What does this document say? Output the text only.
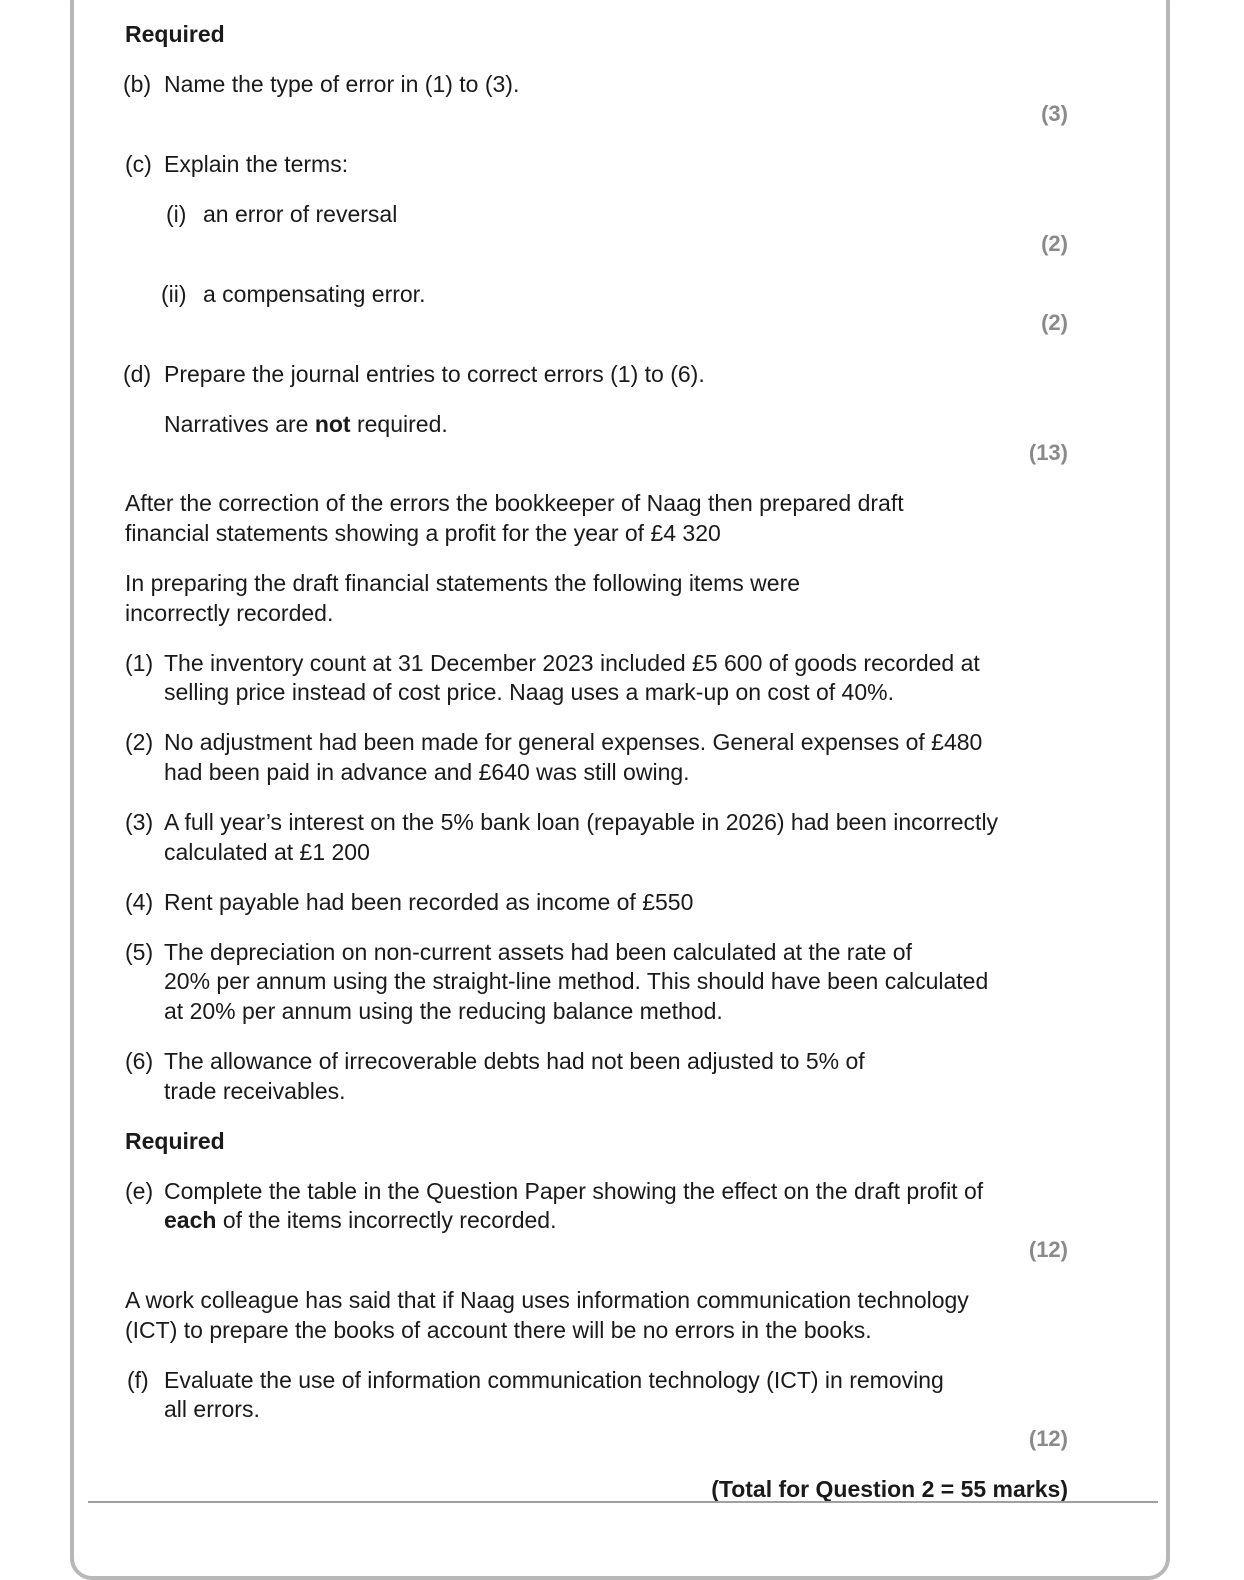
Required
(b) Name the type of error in (1) to (3).
(3)
(c) Explain the terms:
(i) an error of reversal
(2)
(ii) a compensating error.
(2)
(d) Prepare the journal entries to correct errors (1) to (6).
Narratives are not required.
(13)
After the correction of the errors the bookkeeper of Naag then prepared draft
financial statements showing a profit for the year of £4 320
In preparing the draft financial statements the following items were
incorrectly recorded.
(1) The inventory count at 31 December 2023 included £5 600 of goods recorded at
selling price instead of cost price. Naag uses a mark-up on cost of 40%.
(2) No adjustment had been made for general expenses. General expenses of £480
had been paid in advance and £640 was still owing.
(3) A full year’s interest on the 5% bank loan (repayable in 2026) had been incorrectly
calculated at £1 200
(4) Rent payable had been recorded as income of £550
(5) The depreciation on non-current assets had been calculated at the rate of
20% per annum using the straight-line method. This should have been calculated
at 20% per annum using the reducing balance method.
(6) The allowance of irrecoverable debts had not been adjusted to 5% of
trade receivables.
Required
(e) Complete the table in the Question Paper showing the effect on the draft profit of
each of the items incorrectly recorded.
(12)
A work colleague has said that if Naag uses information communication technology
(ICT) to prepare the books of account there will be no errors in the books.
(f) Evaluate the use of information communication technology (ICT) in removing
all errors.
(12)
(Total for Question 2 = 55 marks)
